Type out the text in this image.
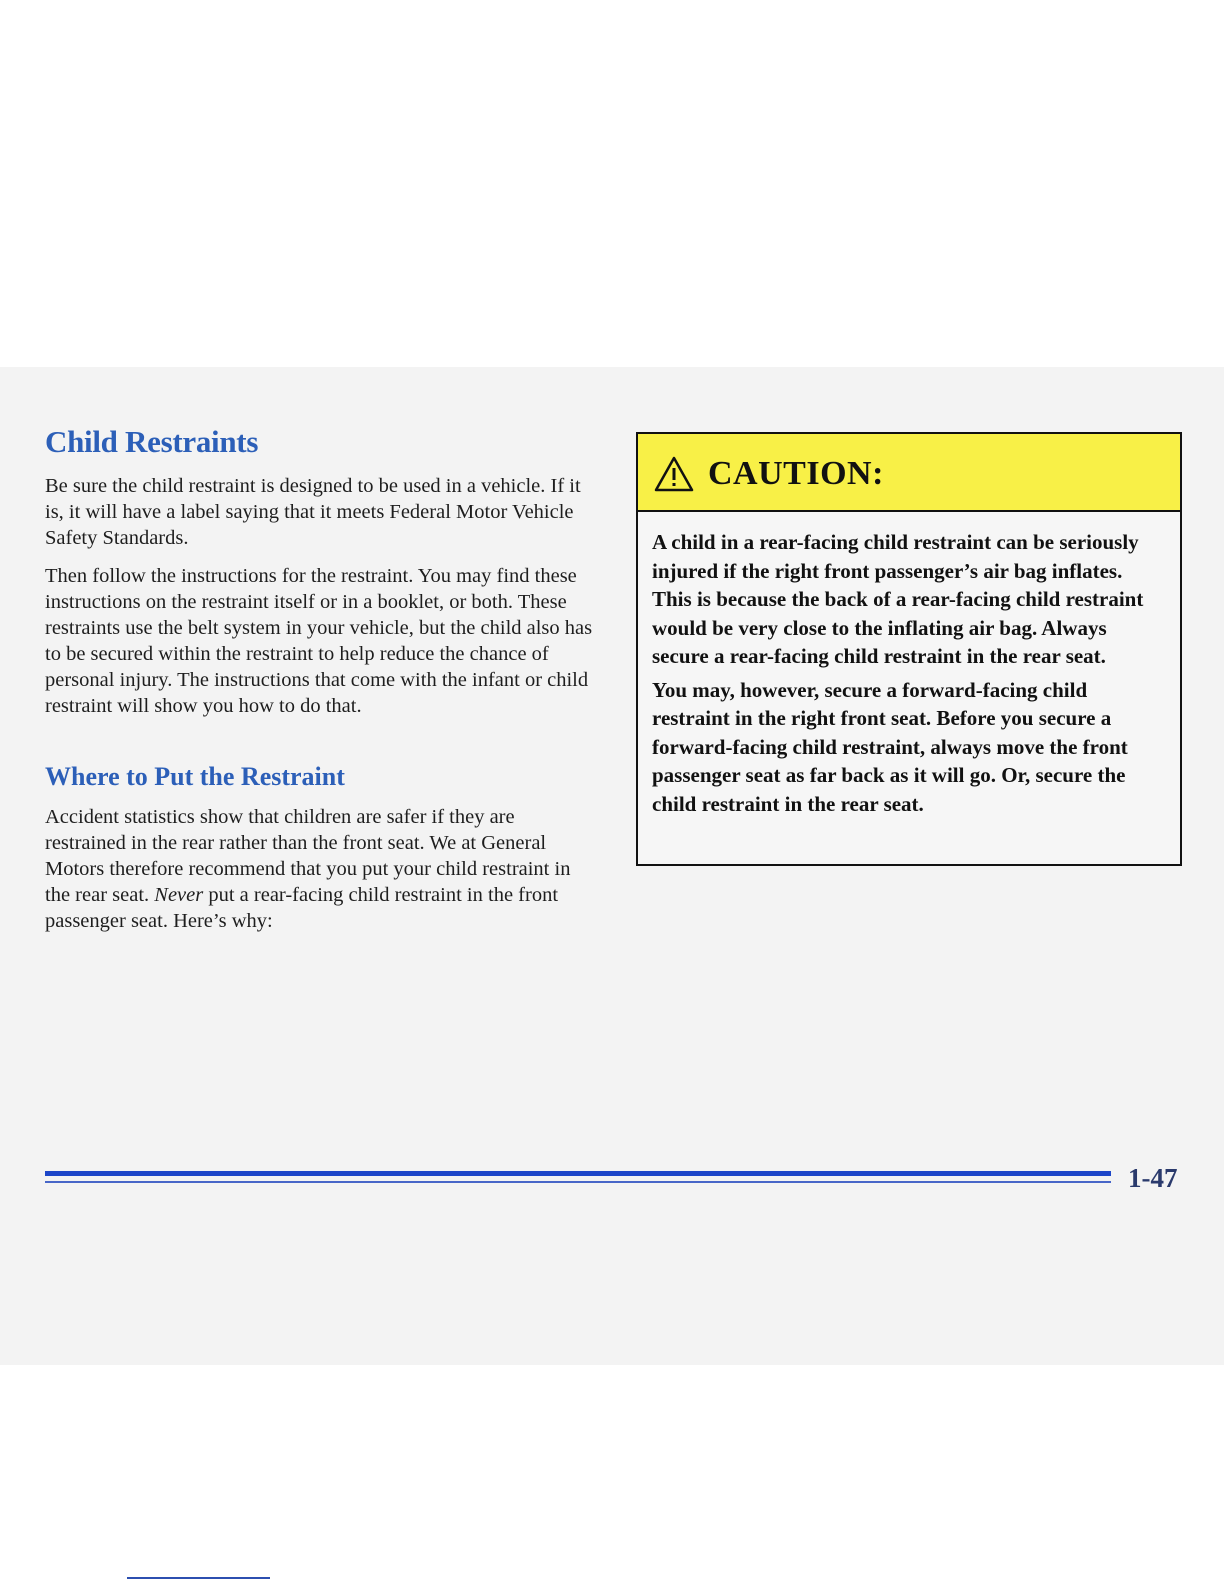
Child Restraints

Be sure the child restraint is designed to be used in a vehicle. If it is, it will have a label saying that it meets Federal Motor Vehicle Safety Standards.

Then follow the instructions for the restraint. You may find these instructions on the restraint itself or in a booklet, or both. These restraints use the belt system in your vehicle, but the child also has to be secured within the restraint to help reduce the chance of personal injury. The instructions that come with the infant or child restraint will show you how to do that.

Where to Put the Restraint

Accident statistics show that children are safer if they are restrained in the rear rather than the front seat. We at General Motors therefore recommend that you put your child restraint in the rear seat. Never put a rear-facing child restraint in the front passenger seat. Here’s why:

CAUTION:

A child in a rear-facing child restraint can be seriously injured if the right front passenger’s air bag inflates. This is because the back of a rear-facing child restraint would be very close to the inflating air bag. Always secure a rear-facing child restraint in the rear seat.

You may, however, secure a forward-facing child restraint in the right front seat. Before you secure a forward-facing child restraint, always move the front passenger seat as far back as it will go. Or, secure the child restraint in the rear seat.

1-47
